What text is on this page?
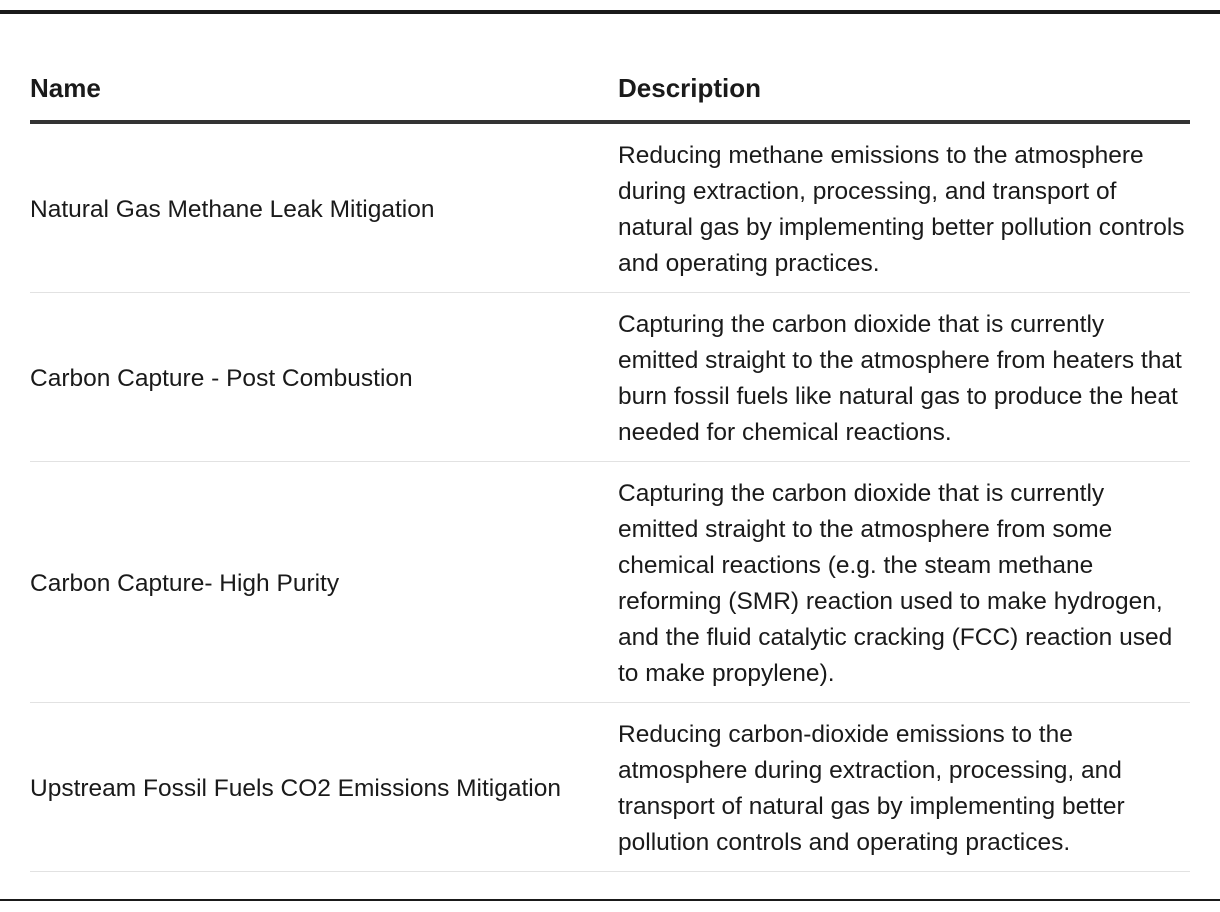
Name	Description
Natural Gas Methane Leak Mitigation	Reducing methane emissions to the atmosphere during extraction, processing, and transport of natural gas by implementing better pollution controls and operating practices.
Carbon Capture - Post Combustion	Capturing the carbon dioxide that is currently emitted straight to the atmosphere from heaters that burn fossil fuels like natural gas to produce the heat needed for chemical reactions.
Carbon Capture- High Purity	Capturing the carbon dioxide that is currently emitted straight to the atmosphere from some chemical reactions (e.g. the steam methane reforming (SMR) reaction used to make hydrogen, and the fluid catalytic cracking (FCC) reaction used to make propylene).
Upstream Fossil Fuels CO2 Emissions Mitigation	Reducing carbon-dioxide emissions to the atmosphere during extraction, processing, and transport of natural gas by implementing better pollution controls and operating practices.
